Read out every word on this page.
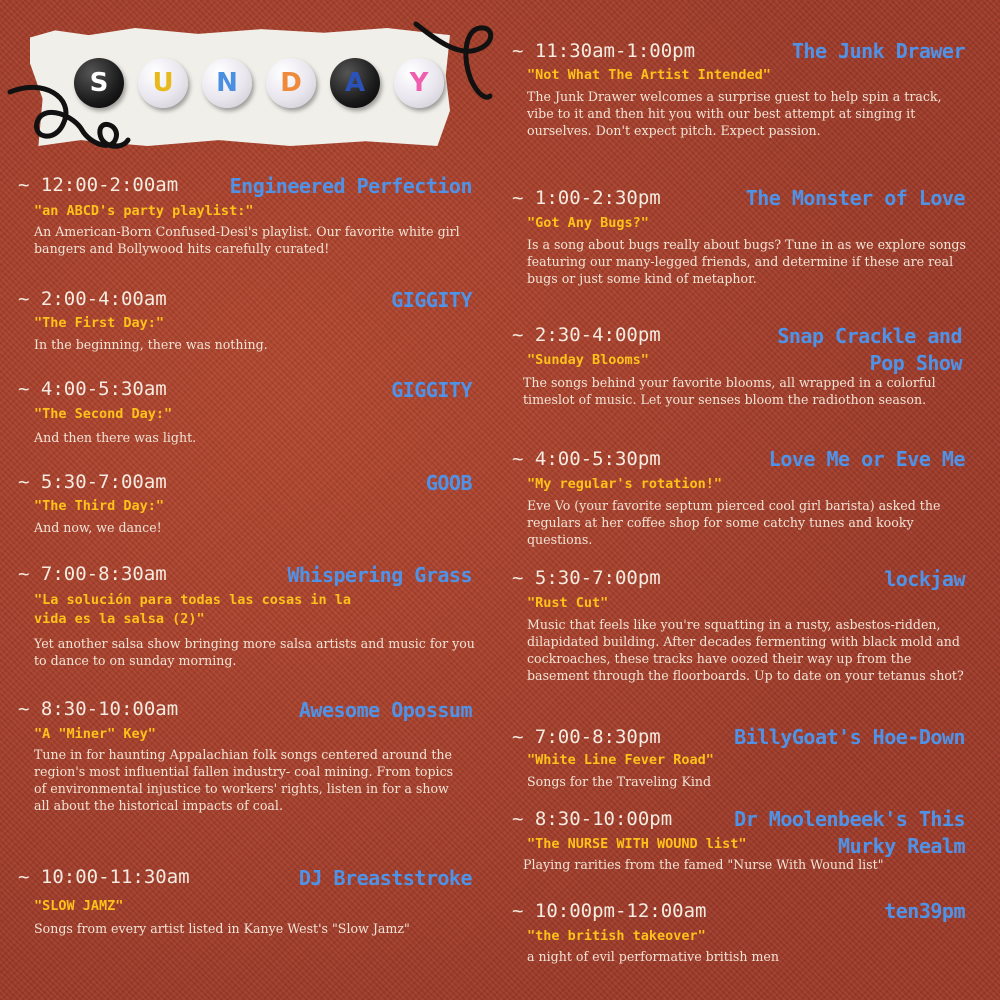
S U N D A Y
~ 12:00-2:00am	Engineered Perfection
"an ABCD's party playlist:"
An American-Born Confused-Desi's playlist. Our favorite white girl bangers and Bollywood hits carefully curated!
~ 2:00-4:00am	GIGGITY
"The First Day:"
In the beginning, there was nothing.
~ 4:00-5:30am	GIGGITY
"The Second Day:"
And then there was light.
~ 5:30-7:00am	GOOB
"The Third Day:"
And now, we dance!
~ 7:00-8:30am	Whispering Grass
"La solución para todas las cosas in la vida es la salsa (2)"
Yet another salsa show bringing more salsa artists and music for you to dance to on sunday morning.
~ 8:30-10:00am	Awesome Opossum
"A "Miner" Key"
Tune in for haunting Appalachian folk songs centered around the region's most influential fallen industry- coal mining. From topics of environmental injustice to workers' rights, listen in for a show all about the historical impacts of coal.
~ 10:00-11:30am	DJ Breaststroke
"SLOW JAMZ"
Songs from every artist listed in Kanye West's "Slow Jamz"
~ 11:30am-1:00pm	The Junk Drawer
"Not What The Artist Intended"
The Junk Drawer welcomes a surprise guest to help spin a track, vibe to it and then hit you with our best attempt at singing it ourselves. Don't expect pitch. Expect passion.
~ 1:00-2:30pm	The Monster of Love
"Got Any Bugs?"
Is a song about bugs really about bugs? Tune in as we explore songs featuring our many-legged friends, and determine if these are real bugs or just some kind of metaphor.
~ 2:30-4:00pm	Snap Crackle and Pop Show
"Sunday Blooms"
The songs behind your favorite blooms, all wrapped in a colorful timeslot of music. Let your senses bloom the radiothon season.
~ 4:00-5:30pm	Love Me or Eve Me
"My regular's rotation!"
Eve Vo (your favorite septum pierced cool girl barista) asked the regulars at her coffee shop for some catchy tunes and kooky questions.
~ 5:30-7:00pm	lockjaw
"Rust Cut"
Music that feels like you're squatting in a rusty, asbestos-ridden, dilapidated building. After decades fermenting with black mold and cockroaches, these tracks have oozed their way up from the basement through the floorboards. Up to date on your tetanus shot?
~ 7:00-8:30pm	BillyGoat's Hoe-Down
"White Line Fever Road"
Songs for the Traveling Kind
~ 8:30-10:00pm	Dr Moolenbeek's This Murky Realm
"The NURSE WITH WOUND list"
Playing rarities from the famed "Nurse With Wound list"
~ 10:00pm-12:00am	ten39pm
"the british takeover"
a night of evil performative british men
